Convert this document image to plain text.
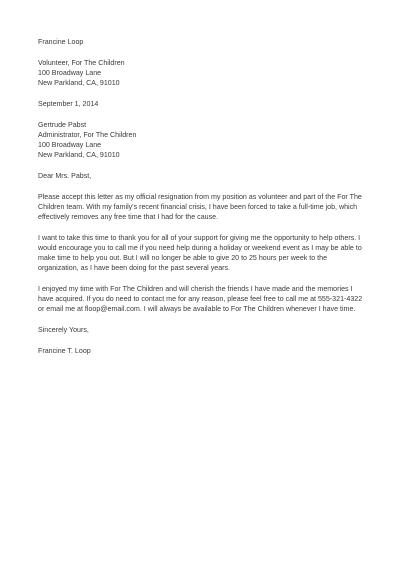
Francine Loop
Volunteer, For The Children
100 Broadway Lane
New Parkland, CA, 91010
September 1, 2014
Gertrude Pabst
Administrator, For The Children
100 Broadway Lane
New Parkland, CA, 91010
Dear Mrs. Pabst,
Please accept this letter as my official resignation from my position as volunteer and part of the For The
Children team. With my family's recent financial crisis, I have been forced to take a full-time job, which
effectively removes any free time that I had for the cause.
I want to take this time to thank you for all of your support for giving me the opportunity to help others. I
would encourage you to call me if you need help during a holiday or weekend event as I may be able to
make time to help you out. But I will no longer be able to give 20 to 25 hours per week to the
organization, as I have been doing for the past several years.
I enjoyed my time with For The Children and will cherish the friends I have made and the memories I
have acquired. If you do need to contact me for any reason, please feel free to call me at 555-321-4322
or email me at floop@email.com. I will always be available to For The Children whenever I have time.
Sincerely Yours,
Francine T. Loop
